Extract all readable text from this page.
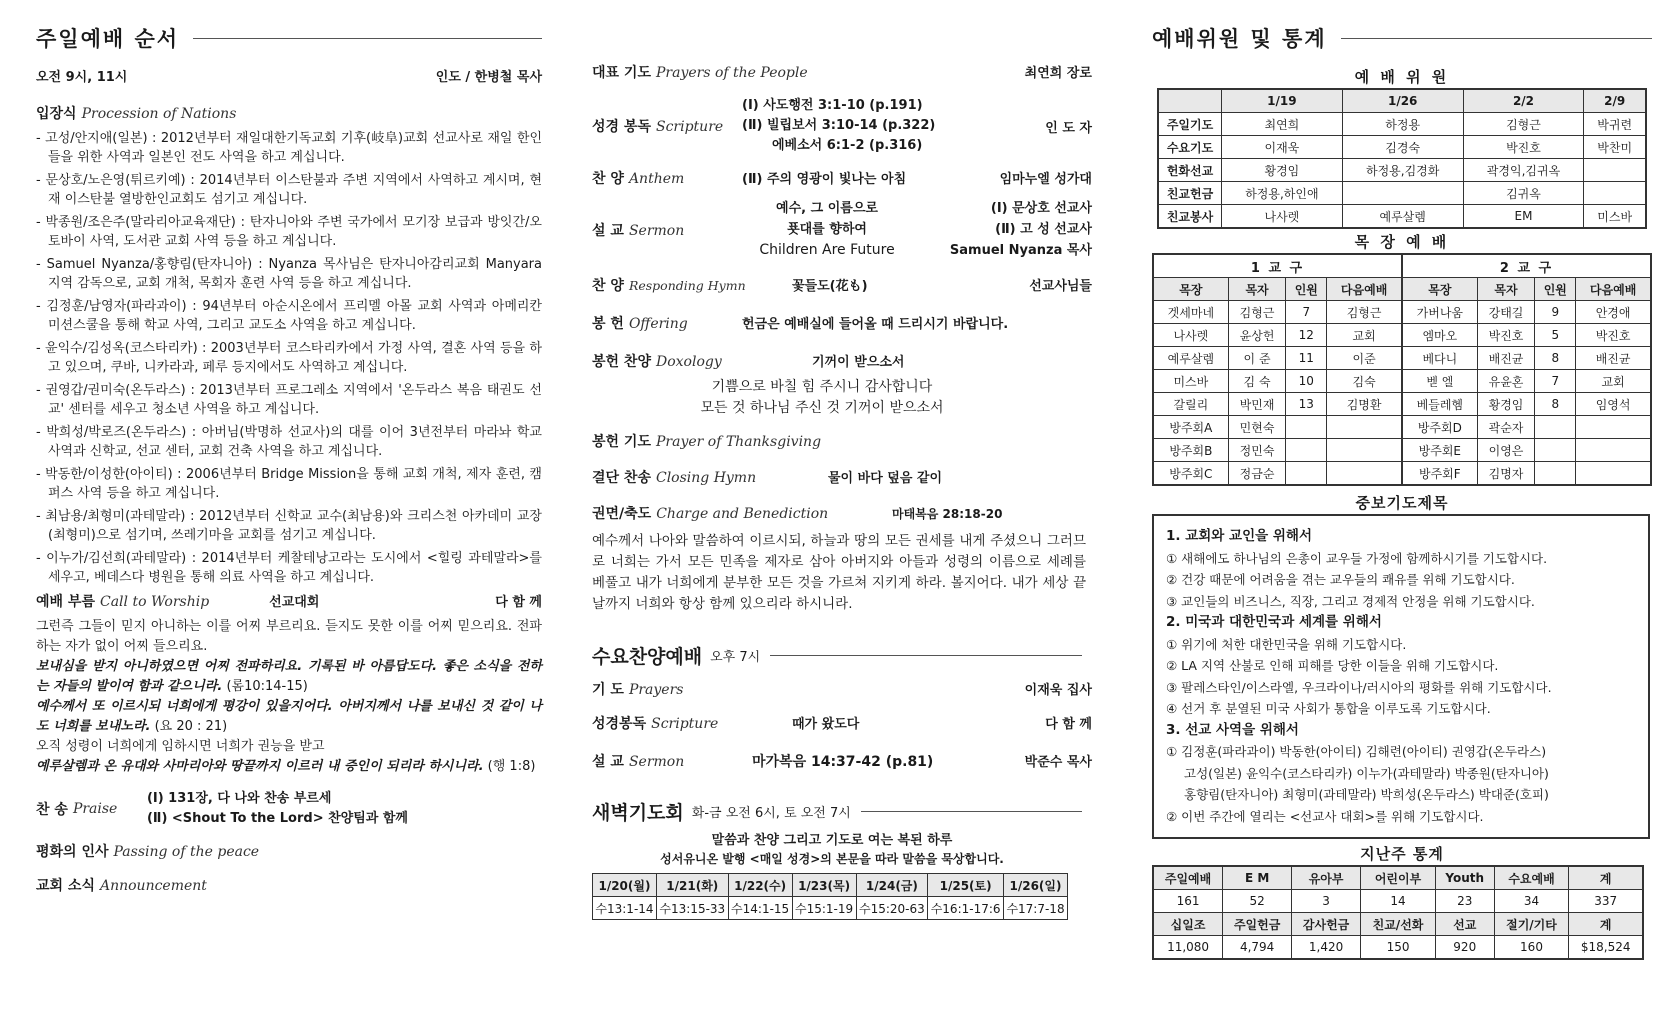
주일예배 순서
오전 9시, 11시	인도 / 한병철 목사
입장식 Procession of Nations
- 고성/안지애(일본) : 2012년부터 재일대한기독교회 기후(岐阜)교회 선교사로 재일 한인들을 위한 사역과 일본인 전도 사역을 하고 계십니다.
- 문상호/노은영(튀르키예) : 2014년부터 이스탄불과 주변 지역에서 사역하고 계시며, 현재 이스탄불 열방한인교회도 섬기고 계십니다.
- 박종원/조은주(말라리아교육재단) : 탄자니아와 주변 국가에서 모기장 보급과 방잇간/오토바이 사역, 도서관 교회 사역 등을 하고 계십니다.
- Samuel Nyanza/홍향림(탄자니아) : Nyanza 목사님은 탄자니아감리교회 Manyara 지역 감독으로, 교회 개척, 목회자 훈련 사역 등을 하고 계십니다.
- 김정훈/남영자(파라과이) : 94년부터 아순시온에서 프리멜 아몰 교회 사역과 아메리칸 미션스쿨을 통해 학교 사역, 그리고 교도소 사역을 하고 계십니다.
- 윤익수/김성옥(코스타리카) : 2003년부터 코스타리카에서 가정 사역, 결혼 사역 등을 하고 있으며, 쿠바, 니카라과, 페루 등지에서도 사역하고 계십니다.
- 권영갑/권미숙(온두라스) : 2013년부터 프로그레소 지역에서 '온두라스 복음 태권도 선교' 센터를 세우고 청소년 사역을 하고 계십니다.
- 박희성/박로즈(온두라스) : 아버님(박명하 선교사)의 대를 이어 3년전부터 마라놔 학교 사역과 신학교, 선교 센터, 교회 건축 사역을 하고 계십니다.
- 박동한/이성한(아이티) : 2006년부터 Bridge Mission을 통해 교회 개척, 제자 훈련, 캠퍼스 사역 등을 하고 계십니다.
- 최남용/최형미(과테말라) : 2012년부터 신학교 교수(최남용)와 크리스천 아카데미 교장(최형미)으로 섬기며, 쓰레기마을 교회를 섬기고 계십니다.
- 이누가/김선희(과테말라) : 2014년부터 케찰테낭고라는 도시에서 <힐링 과테말라>를 세우고, 베데스다 병원을 통해 의료 사역을 하고 계십니다.
예배 부름 Call to Worship	선교대회	다 함 께
그런즉 그들이 믿지 아니하는 이를 어찌 부르리요. 듣지도 못한 이를 어찌 믿으리요. 전파하는 자가 없이 어찌 들으리요.
보내심을 받지 아니하였으면 어찌 전파하리요. 기록된 바 아름답도다. 좋은 소식을 전하는 자들의 발이여 함과 같으니라. (롬10:14-15)
예수께서 또 이르시되 너희에게 평강이 있을지어다. 아버지께서 나를 보내신 것 같이 나도 너희를 보내노라. (요 20 : 21)
오직 성령이 너희에게 임하시면 너희가 권능을 받고
예루살렘과 온 유대와 사마리아와 땅끝까지 이르러 내 증인이 되리라 하시니라. (행 1:8)
찬 송 Praise
(Ⅰ) 131장, 다 나와 찬송 부르세
(Ⅱ) <Shout To the Lord> 찬양팀과 함께
평화의 인사 Passing of the peace
교회 소식 Announcement
대표 기도 Prayers of the People	최연희 장로
성경 봉독 Scripture
(Ⅰ) 사도행전 3:1-10 (p.191)
(Ⅱ) 빌립보서 3:10-14 (p.322)
에베소서 6:1-2 (p.316)
인 도 자
찬 양 Anthem	(Ⅱ) 주의 영광이 빛나는 아침	임마누엘 성가대
설 교 Sermon
예수, 그 이름으로
푯대를 향하여
Children Are Future
(Ⅰ) 문상호 선교사
(Ⅱ) 고 성 선교사
Samuel Nyanza 목사
찬 양 Responding Hymn	꽃들도(花も)	선교사님들
봉 헌 Offering	헌금은 예배실에 들어올 때 드리시기 바랍니다.
봉헌 찬양 Doxology	기꺼이 받으소서
기쁨으로 바칠 힘 주시니 감사합니다
모든 것 하나님 주신 것 기꺼이 받으소서
봉헌 기도 Prayer of Thanksgiving
결단 찬송 Closing Hymn	물이 바다 덮음 같이
권면/축도 Charge and Benediction	마태복음 28:18-20
예수께서 나아와 말씀하여 이르시되, 하늘과 땅의 모든 권세를 내게 주셨으니 그러므로 너희는 가서 모든 민족을 제자로 삼아 아버지와 아들과 성령의 이름으로 세례를 베풀고 내가 너희에게 분부한 모든 것을 가르쳐 지키게 하라. 볼지어다. 내가 세상 끝날까지 너희와 항상 함께 있으리라 하시니라.
수요찬양예배 오후 7시
기 도 Prayers	이재욱 집사
성경봉독 Scripture	때가 왔도다	다 함 께
설 교 Sermon	마가복음 14:37-42 (p.81)	박준수 목사
새벽기도회 화-금 오전 6시, 토 오전 7시
말씀과 찬양 그리고 기도로 여는 복된 하루
성서유니온 발행 <매일 성경>의 본문을 따라 말씀을 묵상합니다.
1/20(월)	1/21(화)	1/22(수)	1/23(목)	1/24(금)	1/25(토)	1/26(일)
수13:1-14	수13:15-33	수14:1-15	수15:1-19	수15:20-63	수16:1-17:6	수17:7-18
예배위원 및 통계
예 배 위 원
	1/19	1/26	2/2	2/9
주일기도	최연희	하정용	김형근	박귀련
수요기도	이재욱	김경숙	박진호	박찬미
헌화선교	황경임	하정용,김경화	곽경익,김귀옥	
친교헌금	하정용,하인애		김귀옥	
친교봉사	나사렛	예루살렘	EM	미스바
목 장 예 배
1 교 구				2 교 구			
목장	목자	인원	다음예배	목장	목자	인원	다음예배
겟세마네	김형근	7	김형근	가버나움	강태길	9	안경애
나사렛	윤상헌	12	교회	엠마오	박진호	5	박진호
예루살렘	이 준	11	이준	베다니	배진균	8	배진균
미스바	김 숙	10	김숙	벧 엘	유윤혼	7	교회
갈릴리	박민재	13	김명환	베들레헴	황경임	8	임영석
방주회A	민현숙			방주회D	곽순자		
방주회B	정민숙			방주회E	이영은		
방주회C	정금순			방주회F	김명자		
중보기도제목
1. 교회와 교인을 위해서
① 새해에도 하나님의 은총이 교우들 가정에 함께하시기를 기도합시다.
② 건강 때문에 어려움을 겪는 교우들의 쾌유를 위해 기도합시다.
③ 교인들의 비즈니스, 직장, 그리고 경제적 안정을 위해 기도합시다.
2. 미국과 대한민국과 세계를 위해서
① 위기에 처한 대한민국을 위해 기도합시다.
② LA 지역 산불로 인해 피해를 당한 이들을 위해 기도합시다.
③ 팔레스타인/이스라엘, 우크라이나/러시아의 평화를 위해 기도합시다.
④ 선거 후 분열된 미국 사회가 통합을 이루도록 기도합시다.
3. 선교 사역을 위해서
① 김정훈(파라과이) 박동한(아이티) 김해련(아이티) 권영갑(온두라스)
고성(일본) 윤익수(코스타리카) 이누가(과테말라) 박종원(탄자니아)
홍향림(탄자니아) 최형미(과테말라) 박희성(온두라스) 박대준(호피)
② 이번 주간에 열리는 <선교사 대회>를 위해 기도합시다.
지난주 통계
주일예배	E M	유아부	어린이부	Youth	수요예배	계
161	52	3	14	23	34	337
십일조	주일헌금	감사헌금	친교/선화	선교	절기/기타	계
11,080	4,794	1,420	150	920	160	$18,524
